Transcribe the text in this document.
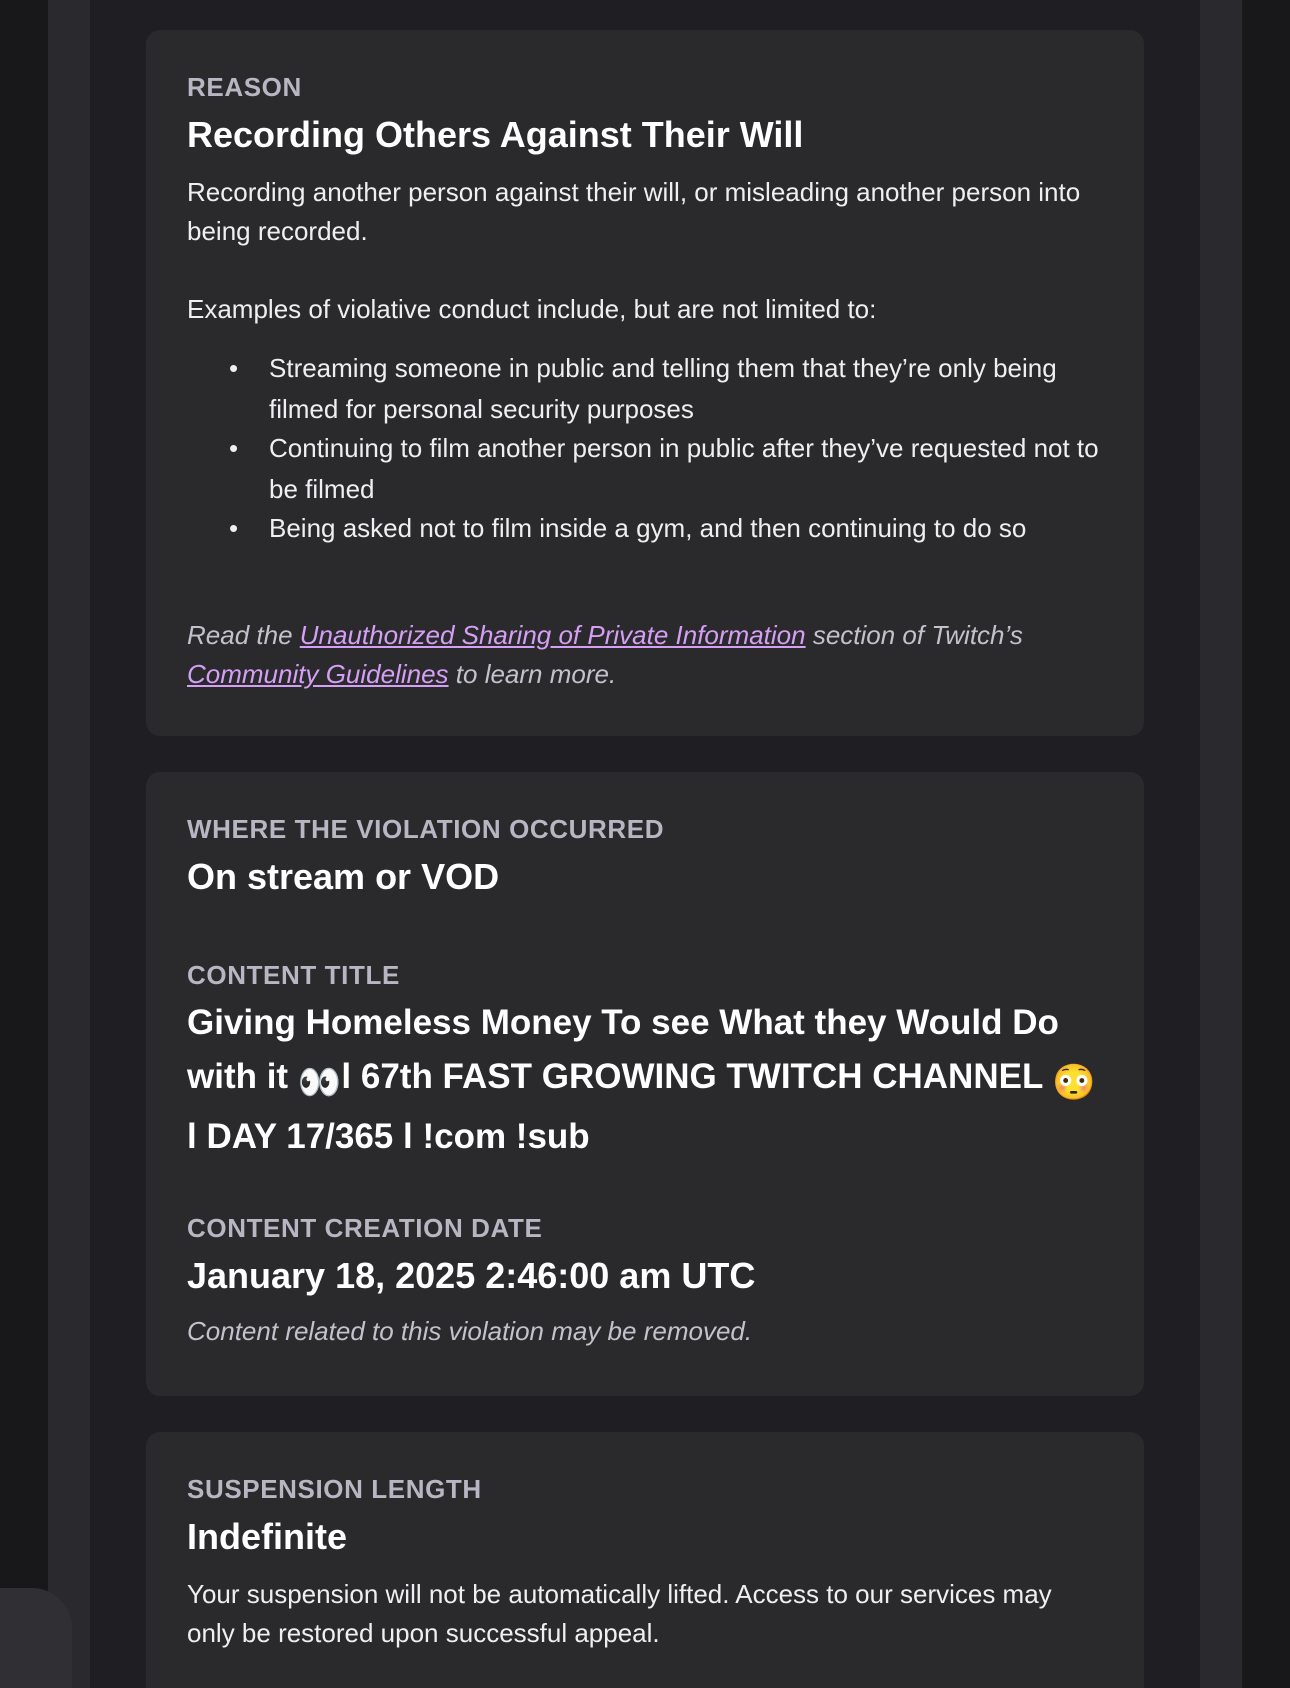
REASON
Recording Others Against Their Will
Recording another person against their will, or misleading another person into being recorded.
Examples of violative conduct include, but are not limited to:
• Streaming someone in public and telling them that they’re only being filmed for personal security purposes
• Continuing to film another person in public after they’ve requested not to be filmed
• Being asked not to film inside a gym, and then continuing to do so
Read the Unauthorized Sharing of Private Information section of Twitch’s Community Guidelines to learn more.
WHERE THE VIOLATION OCCURRED
On stream or VOD
CONTENT TITLE
Giving Homeless Money To see What they Would Do with it 👀l 67th FAST GROWING TWITCH CHANNEL 😳l DAY 17/365 l !com !sub
CONTENT CREATION DATE
January 18, 2025 2:46:00 am UTC
Content related to this violation may be removed.
SUSPENSION LENGTH
Indefinite
Your suspension will not be automatically lifted. Access to our services may only be restored upon successful appeal.
